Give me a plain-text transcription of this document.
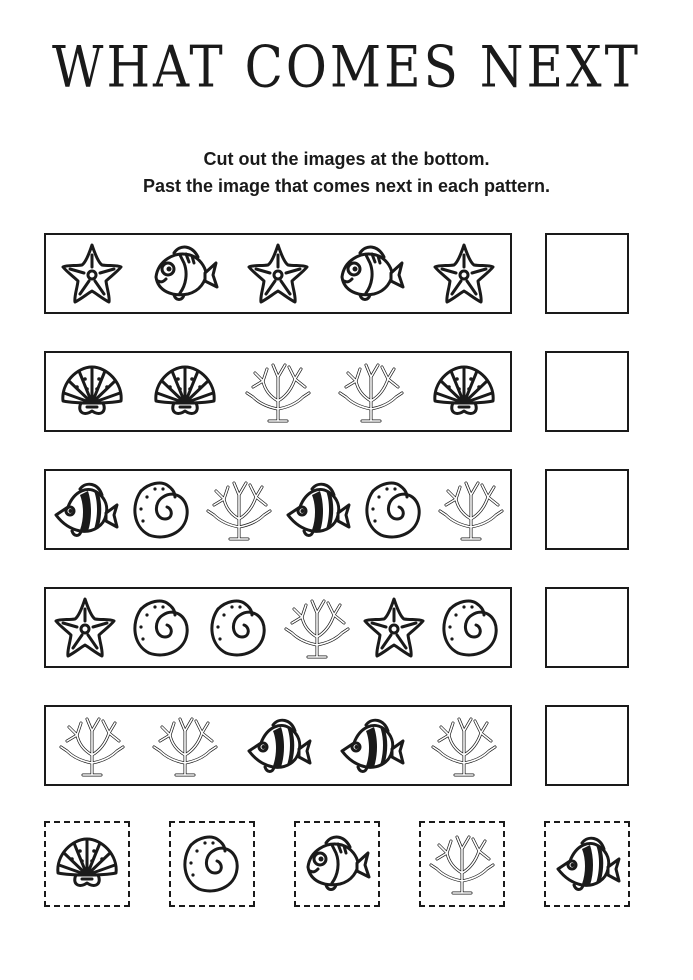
WHAT COMES NEXT
Cut out the images at the bottom.
Past the image that comes next in each pattern.
